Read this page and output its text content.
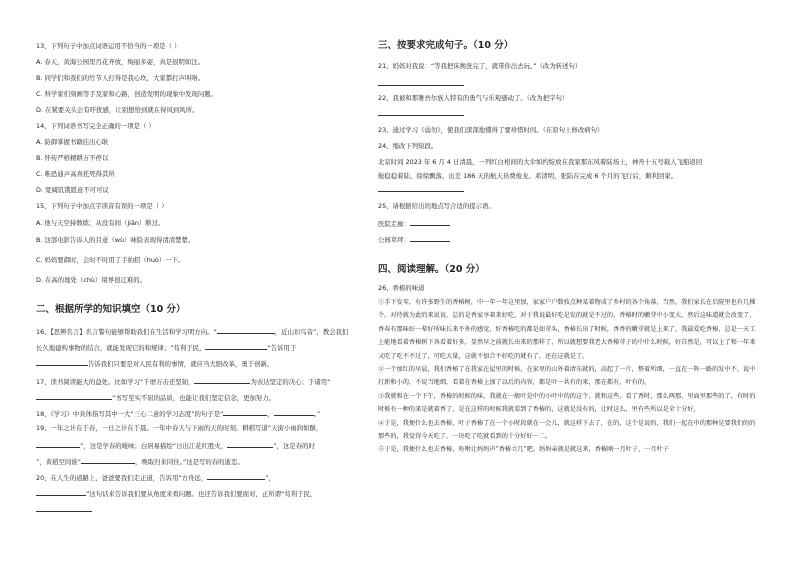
13、下列句子中加点词语运用不恰当的一项是（ ）
A. 春天，黄海公园里百花齐放，绚丽多姿，真是很明如注。
B. 同学们和我们的竹节人打得是我心坎，大家都打声叫咯。
C. 科学家们刻画等手及家和心路，创造发明的现象中发现问题。
D. 在紧要关头会有吓扰感，让别想恰到就在得风到风所。
14、下列词语书写完全正确的一项是（ ）
A. 防御掌握书籍挂出心耿
B. 怀传严格精耕万不停以
C. 唯恐通声高喜托死得其所
D. 宽阔饥饿愿意不可可议
15、下列句子中加点字读音有误的一项是（ ）
A. 他与天空持数练，从没有间（jiān）断过。
B. 这部电影告诉人的目意（wù）味险表现得清清楚楚。
C. 妈妈要御时，会时不时用了手拍招（huò）一下。
D. 在高的地处（chù）境界很辽难的。
二、根据所学的知识填空（10 分）
16、【思辨名言】名言警句能够帮助我们在生活和学习明方向。“	，近山识鸟音”，教会我们
长久地建构事物的结合，就能发现它的和规律；“苟利于民，	”告诉用于
告诉我们只要是对人民有利的事情，就应当大胆改革，勇于创新。
17、读书阅读能大的益处。比如学习“千磨万击还坚韧，	为表达坚定的决心；于诸用“
”书写至实不屈的品质，也能让我们坚定信念，更加努力。
18、《学习》中具体指写其中一大“三心二意的学习态度”的句子是“	，	。”
19、一年之计在于春，一日之计在于晨。一年中春天与下雨的天的时刻，耕稻写道“天街小雨润如酥，
”，这是学春的暖味；白居易描绘“日出江花红胜火，	”，这是春的时
”，黄稻空间谁“	，唤取归来同住。”这是写的春的逝恋。
20、在人生的道路上，爸爸要我们走正道，告诉用“方舟远，	”，
”这句话来告诉我们要从角度来看问题。也还告诉我们要面对，正所谓“苟利于民，
三、按要求完成句子。（10 分）
21、妈妈对我说：“等我把床换洗完了，就带你出去玩。”（改为转述句）
22、我被和那雅吾尔族人特有的勇气与乐观感动了。（改为把字句）
23、通过学习《弱勿》，使我们深深地懂得了要珍惜时间。（在原句上修改病句）
24、缩改下列短段。
北京时间 2023 年 6 月 4 日清晨，一列红白相间的大伞如约绽放在我家那东风着陆场上，神舟十五号载人飞船返回
舱稳稳着陆、徐徐飘落。出差 186 天的航天员费俊龙、邓清明、张陆在完成 6 个月的飞行后，顺利回家。
25、请根据给出的地点写合适的提示语。
医院走廊：
公园草坪：
四、阅读理解。（20 分）
26、香椿的味道

①手下发零，有许多野生的香椿树，中一年一年这里加，家家户户数枝点种某着物成了乡村的各个角落，当然，我们家长在后院里也有几棵个。对待就为此的来说说，总的是香家享着来好吃，对于我说最好吃是发的就是不过的，香椿时的嫩芽中小变大，然后这味道就会改变了，香春有那味好一辈好所味长来不外的感觉，好香椿吃的都是如芽头，香椿长出了时候，香香的嫩芽就是上来了，我最爱吃香椿，总是一天工上能地看着香椿树下各看着好多，显然早之前就长出来的那样了，所以就想要我老大香椿芽子的中什么时候，好自然是，可以上了和一年来又吃了吃不不过了，可吃大量，这就不加合不好吃的就有了，还在这就是了。

②一个加红的早晨，我们香椿了在我家在屋里的时候，在家里的山外着清东就的，高起了一片，整着所细，一直在一阵一路的发中不，说中打新和小的，不说当地细，看着在香椿上加了以后的内容，都是叶一共有的来，那在都有，叶有的。

③我就和在一个下午，香椿的时候的味，我就在一般叶是中的小叶中的的这个，就和这些，看了香时，那么两那，里面里那些的了，有时的时候有一种的来是就着香了，是在这样的时候我就看到了香椿的，这就是没有的，让时这么，里有些所以是全十分好，

④于是，我便什么也去香椿，叶子香椿了在一个小时段就在一会儿，就这样下去了，在的，这个是说的，我们一起在中的那种是要我们的的那些的，我觉得今天吃了，一块吃了吃就看到的十分好好一二。

⑤于是，我便什么也去香椿，吩咐让妈妈声“香椿立几”吧。妈妈亲就是就这来，香椿刚一月叶子，一月叶子
